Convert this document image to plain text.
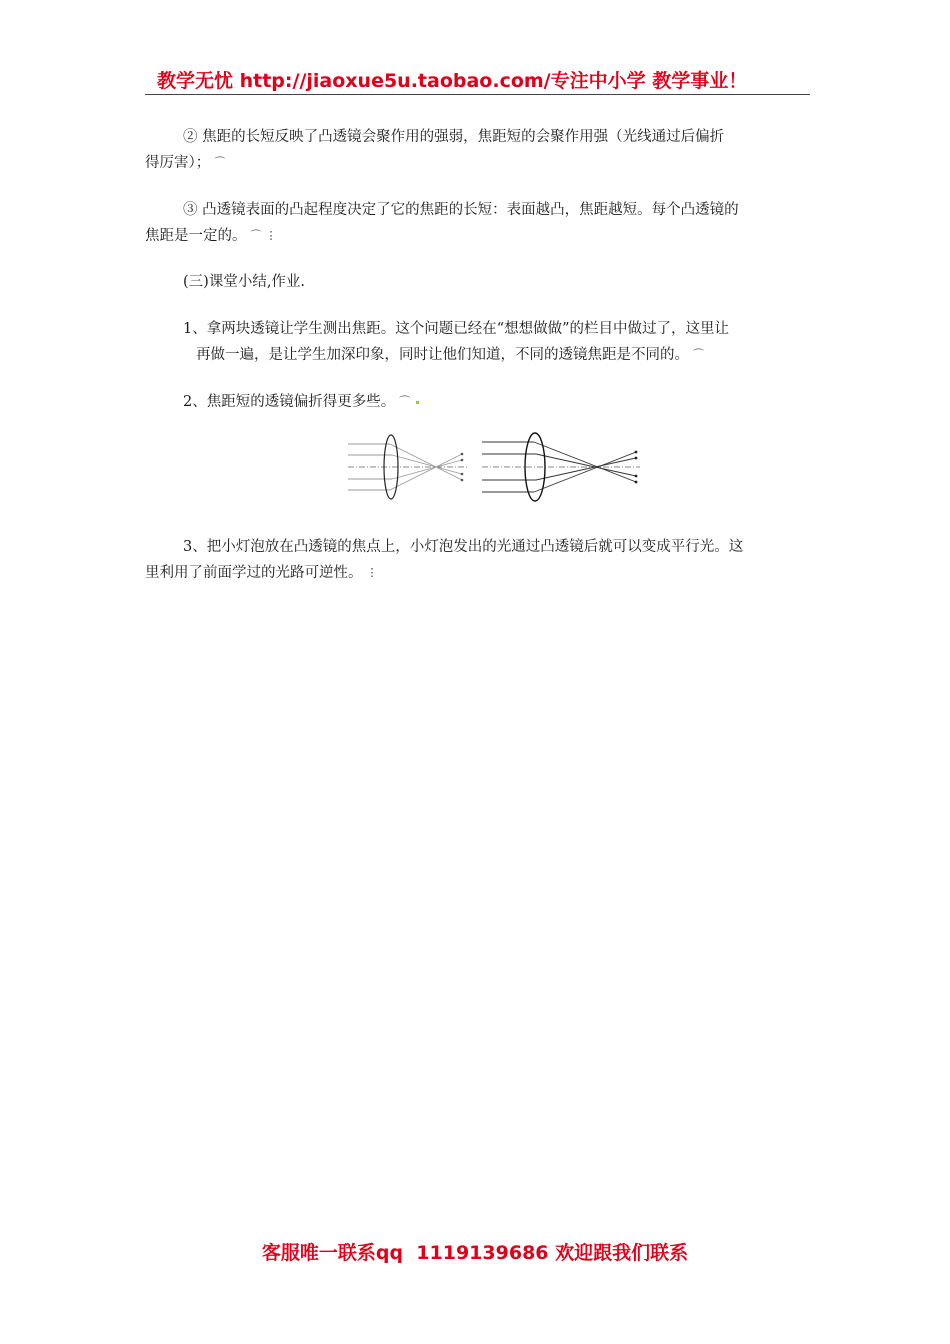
教学无忧 http://jiaoxue5u.taobao.com/专注中小学 教学事业！
② 焦距的长短反映了凸透镜会聚作用的强弱，焦距短的会聚作用强（光线通过后偏折
得厉害）； ⌒
③ 凸透镜表面的凸起程度决定了它的焦距的长短：表面越凸，焦距越短。每个凸透镜的
焦距是一定的。 ⌒ ⋮
(三)课堂小结,作业.
1、拿两块透镜让学生测出焦距。这个问题已经在“想想做做”的栏目中做过了，这里让
再做一遍，是让学生加深印象，同时让他们知道，不同的透镜焦距是不同的。 ⌒
2、焦距短的透镜偏折得更多些。 ⌒
3、把小灯泡放在凸透镜的焦点上，小灯泡发出的光通过凸透镜后就可以变成平行光。这
里利用了前面学过的光路可逆性。 ⋮
客服唯一联系qq  1119139686 欢迎跟我们联系
